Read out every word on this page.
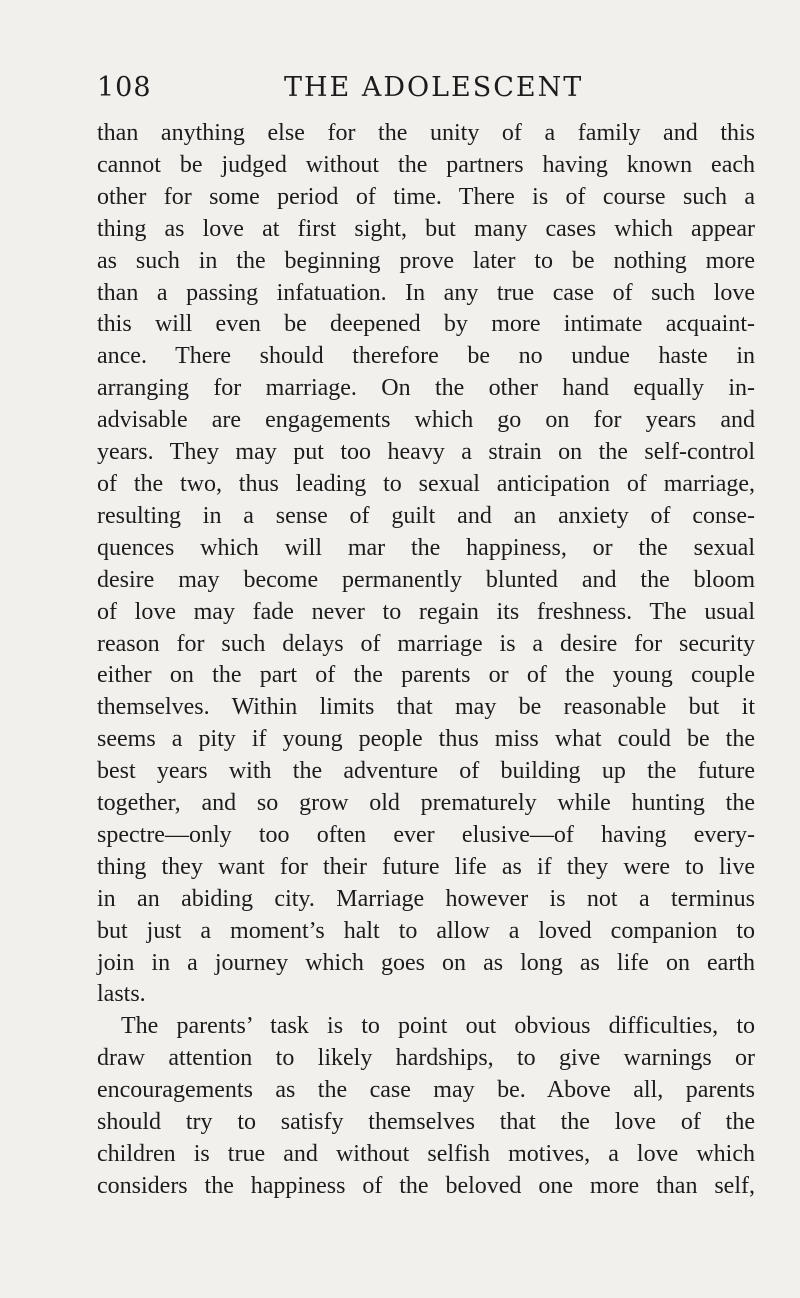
108	THE ADOLESCENT
than anything else for the unity of a family and this
cannot be judged without the partners having known each
other for some period of time. There is of course such a
thing as love at first sight, but many cases which appear
as such in the beginning prove later to be nothing more
than a passing infatuation. In any true case of such love
this will even be deepened by more intimate acquaint-
ance. There should therefore be no undue haste in
arranging for marriage. On the other hand equally in-
advisable are engagements which go on for years and
years. They may put too heavy a strain on the self-control
of the two, thus leading to sexual anticipation of marriage,
resulting in a sense of guilt and an anxiety of conse-
quences which will mar the happiness, or the sexual
desire may become permanently blunted and the bloom
of love may fade never to regain its freshness. The usual
reason for such delays of marriage is a desire for security
either on the part of the parents or of the young couple
themselves. Within limits that may be reasonable but it
seems a pity if young people thus miss what could be the
best years with the adventure of building up the future
together, and so grow old prematurely while hunting the
spectre—only too often ever elusive—of having every-
thing they want for their future life as if they were to live
in an abiding city. Marriage however is not a terminus
but just a moment’s halt to allow a loved companion to
join in a journey which goes on as long as life on earth
lasts.
The parents’ task is to point out obvious difficulties, to
draw attention to likely hardships, to give warnings or
encouragements as the case may be. Above all, parents
should try to satisfy themselves that the love of the
children is true and without selfish motives, a love which
considers the happiness of the beloved one more than self,
